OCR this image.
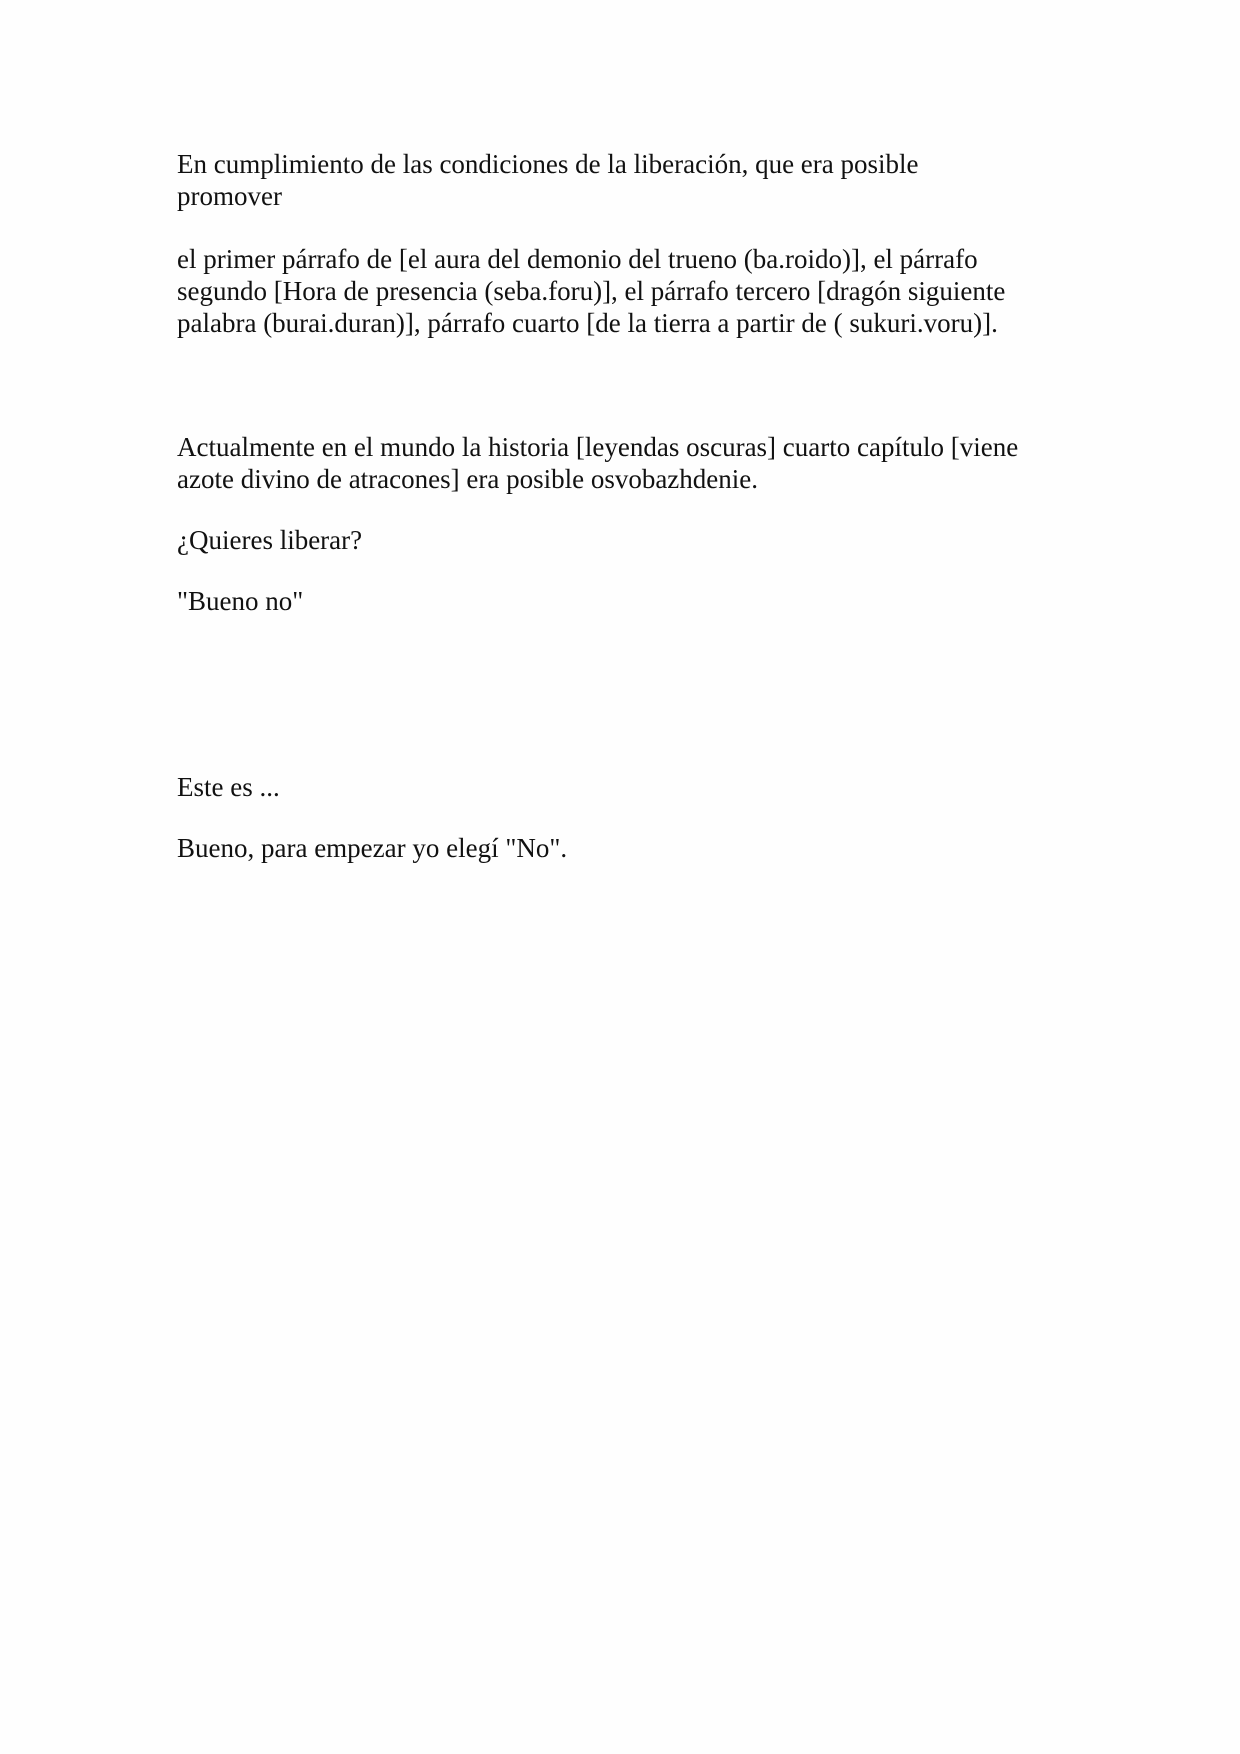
En cumplimiento de las condiciones de la liberación, que era posible
promover

el primer párrafo de [el aura del demonio del trueno (ba.roido)], el párrafo
segundo [Hora de presencia (seba.foru)], el párrafo tercero [dragón siguiente
palabra (burai.duran)], párrafo cuarto [de la tierra a partir de ( sukuri.voru)].

Actualmente en el mundo la historia [leyendas oscuras] cuarto capítulo [viene
azote divino de atracones] era posible osvobazhdenie.

¿Quieres liberar?

"Bueno no"

Este es ...

Bueno, para empezar yo elegí "No".
